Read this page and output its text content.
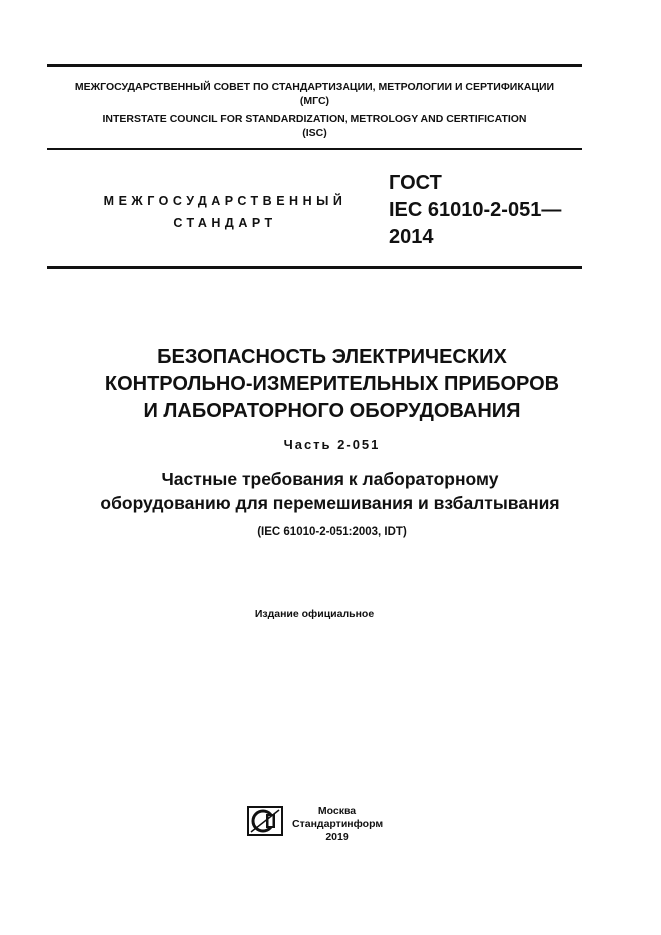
МЕЖГОСУДАРСТВЕННЫЙ СОВЕТ ПО СТАНДАРТИЗАЦИИ, МЕТРОЛОГИИ И СЕРТИФИКАЦИИ
(МГС)
INTERSTATE COUNCIL FOR STANDARDIZATION, METROLOGY AND CERTIFICATION
(ISC)
МЕЖГОСУДАРСТВЕННЫЙ
СТАНДАРТ
ГОСТ
IEC 61010-2-051—
2014
БЕЗОПАСНОСТЬ ЭЛЕКТРИЧЕСКИХ
КОНТРОЛЬНО-ИЗМЕРИТЕЛЬНЫХ ПРИБОРОВ
И ЛАБОРАТОРНОГО ОБОРУДОВАНИЯ
Часть 2-051
Частные требования к лабораторному
оборудованию для перемешивания и взбалтывания
(IEC 61010-2-051:2003, IDT)
Издание официальное
Москва
Стандартинформ
2019
